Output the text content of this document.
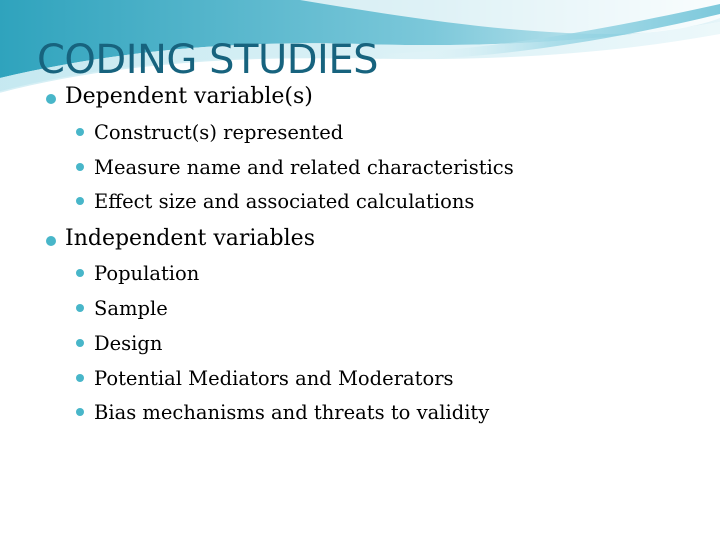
CODING STUDIES
Dependent variable(s)
Construct(s) represented
Measure name and related characteristics
Effect size and associated calculations
Independent variables
Population
Sample
Design
Potential Mediators and Moderators
Bias mechanisms and threats to validity
